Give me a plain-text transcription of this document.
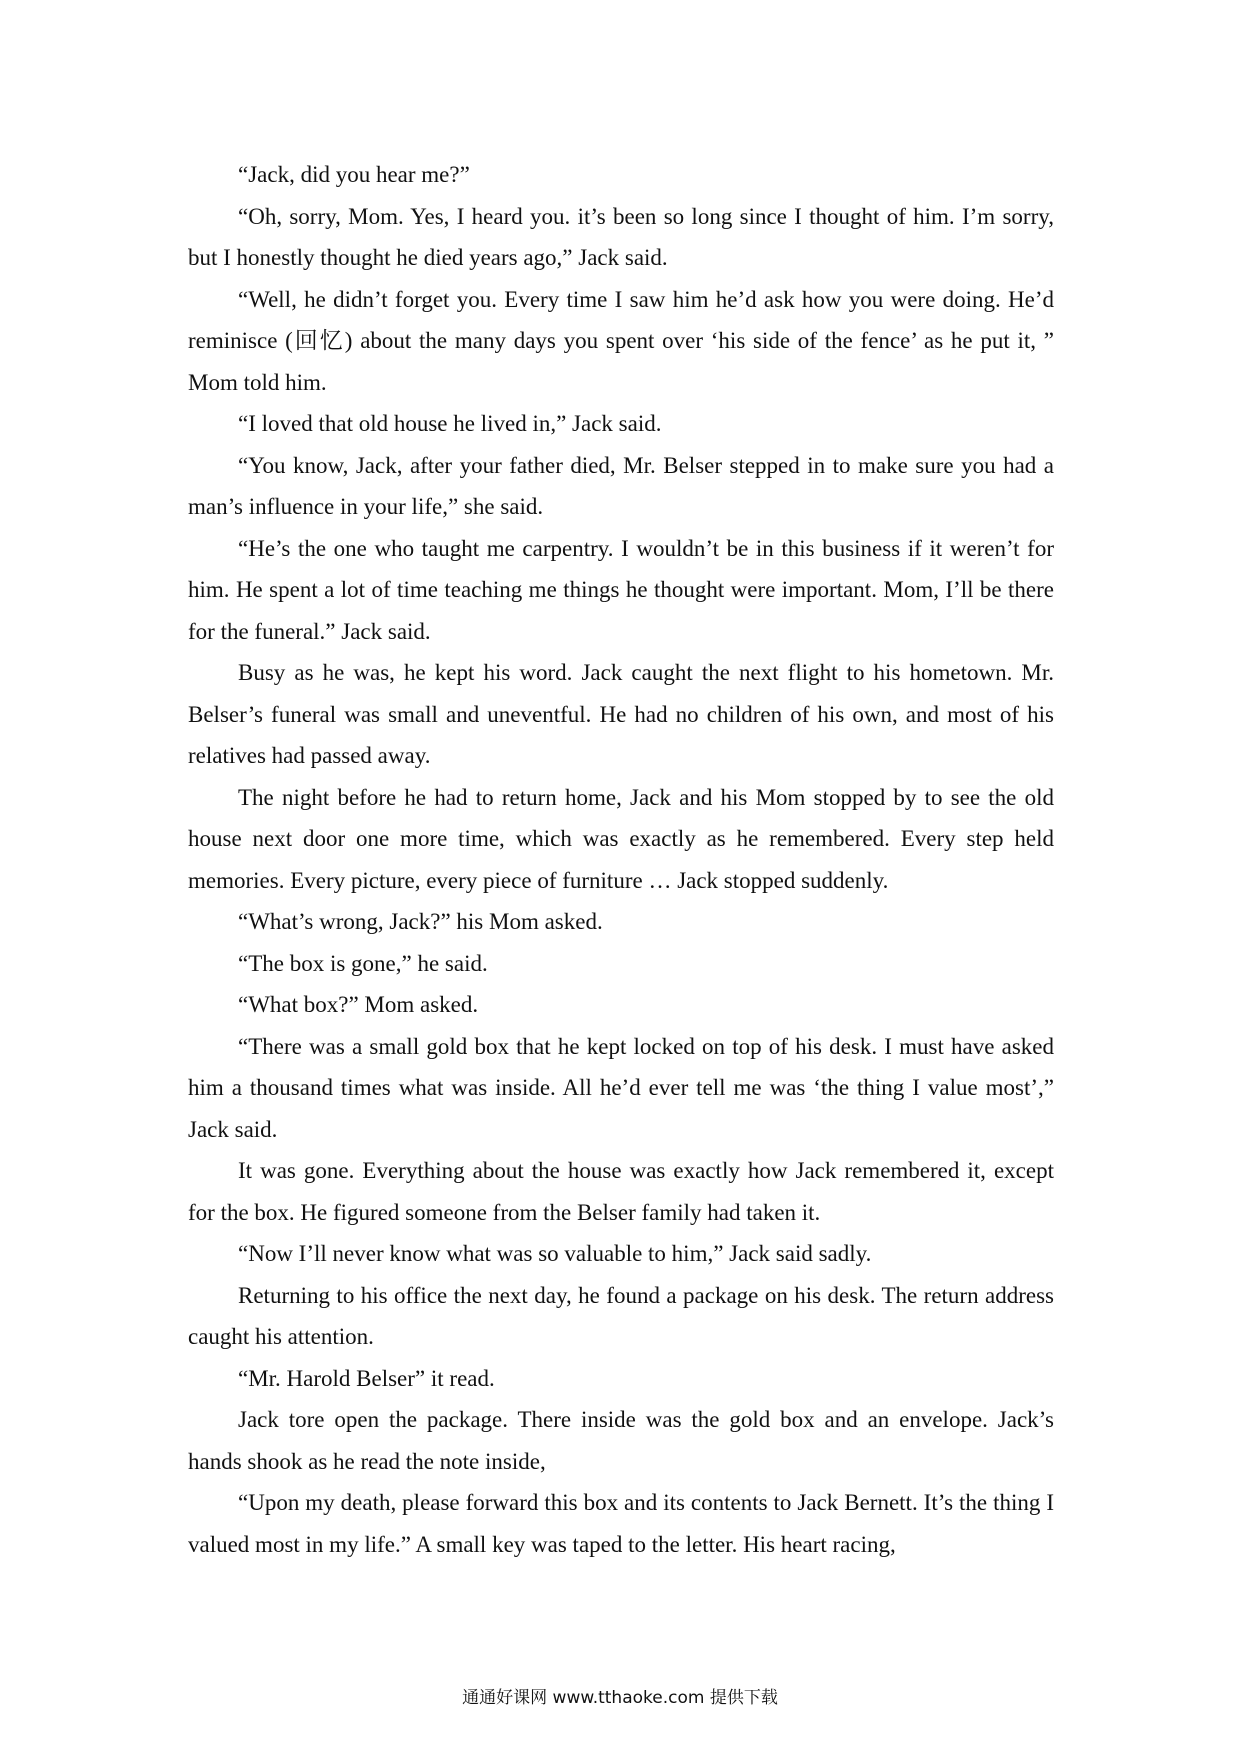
“Jack, did you hear me?”

“Oh, sorry, Mom. Yes, I heard you. it’s been so long since I thought of him. I’m sorry, but I honestly thought he died years ago,” Jack said.

“Well, he didn’t forget you. Every time I saw him he’d ask how you were doing. He’d reminisce (回忆) about the many days you spent over ‘his side of the fence’ as he put it, ” Mom told him.

“I loved that old house he lived in,” Jack said.

“You know, Jack, after your father died, Mr. Belser stepped in to make sure you had a man’s influence in your life,” she said.

“He’s the one who taught me carpentry. I wouldn’t be in this business if it weren’t for him. He spent a lot of time teaching me things he thought were important. Mom, I’ll be there for the funeral.” Jack said.

Busy as he was, he kept his word. Jack caught the next flight to his hometown. Mr. Belser’s funeral was small and uneventful. He had no children of his own, and most of his relatives had passed away.

The night before he had to return home, Jack and his Mom stopped by to see the old house next door one more time, which was exactly as he remembered. Every step held memories. Every picture, every piece of furniture … Jack stopped suddenly.

“What’s wrong, Jack?” his Mom asked.

“The box is gone,” he said.

“What box?” Mom asked.

“There was a small gold box that he kept locked on top of his desk. I must have asked him a thousand times what was inside. All he’d ever tell me was ‘the thing I value most’,” Jack said.

It was gone. Everything about the house was exactly how Jack remembered it, except for the box. He figured someone from the Belser family had taken it.

“Now I’ll never know what was so valuable to him,” Jack said sadly.

Returning to his office the next day, he found a package on his desk. The return address caught his attention.

“Mr. Harold Belser” it read.

Jack tore open the package. There inside was the gold box and an envelope. Jack’s hands shook as he read the note inside,

“Upon my death, please forward this box and its contents to Jack Bernett. It’s the thing I valued most in my life.” A small key was taped to the letter. His heart racing,

通通好课网 www.tthaoke.com 提供下载
